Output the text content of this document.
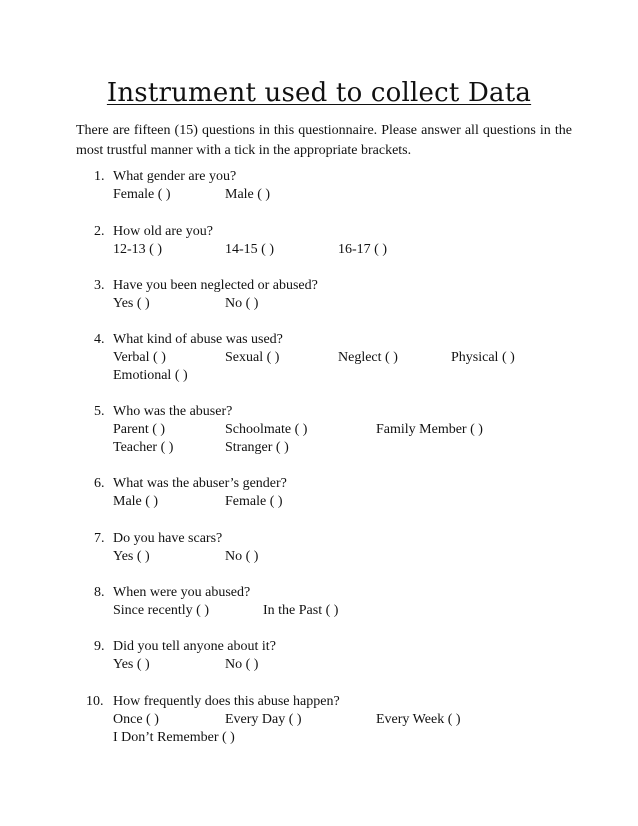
Instrument used to collect Data
There are fifteen (15) questions in this questionnaire. Please answer all questions in the most trustful manner with a tick in the appropriate brackets.
1. What gender are you?
Female ( )	Male ( )
2. How old are you?
12-13 ( )	14-15 ( )	16-17 ( )
3. Have you been neglected or abused?
Yes ( )	No ( )
4. What kind of abuse was used?
Verbal ( )	Sexual ( )	Neglect ( )	Physical ( )
Emotional ( )
5. Who was the abuser?
Parent ( )	Schoolmate ( )	Family Member ( )
Teacher ( )	Stranger ( )
6. What was the abuser’s gender?
Male ( )	Female ( )
7. Do you have scars?
Yes ( )	No ( )
8. When were you abused?
Since recently ( )	In the Past ( )
9. Did you tell anyone about it?
Yes ( )	No ( )
10. How frequently does this abuse happen?
Once ( )	Every Day ( )	Every Week ( )
I Don’t Remember ( )
